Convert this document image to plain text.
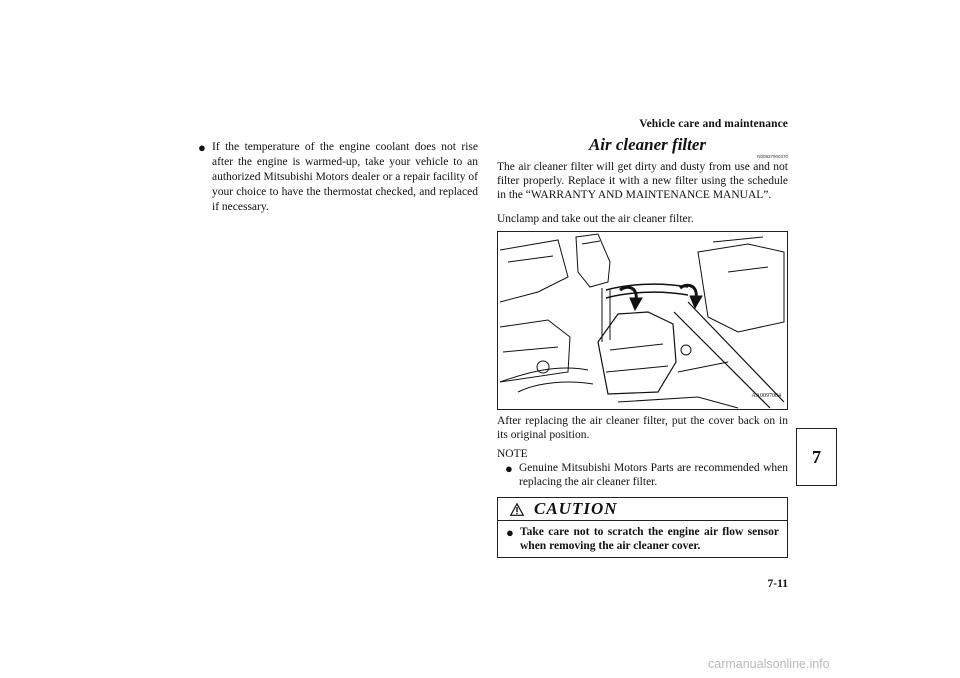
Vehicle care and maintenance
● If the temperature of the engine coolant does not rise after the engine is warmed-up, take your vehicle to an authorized Mitsubishi Motors dealer or a repair facility of your choice to have the thermostat checked, and replaced if necessary.
Air cleaner filter
N00937900370

The air cleaner filter will get dirty and dusty from use and not filter properly. Replace it with a new filter using the schedule in the “WARRANTY AND MAINTENANCE MANUAL”.

Unclamp and take out the air cleaner filter.

AA0097004

After replacing the air cleaner filter, put the cover back on in its original position.

NOTE
● Genuine Mitsubishi Motors Parts are recommended when replacing the air cleaner filter.
CAUTION
● Take care not to scratch the engine air flow sensor when removing the air cleaner cover.
7
7-11
carmanualsonline.info
